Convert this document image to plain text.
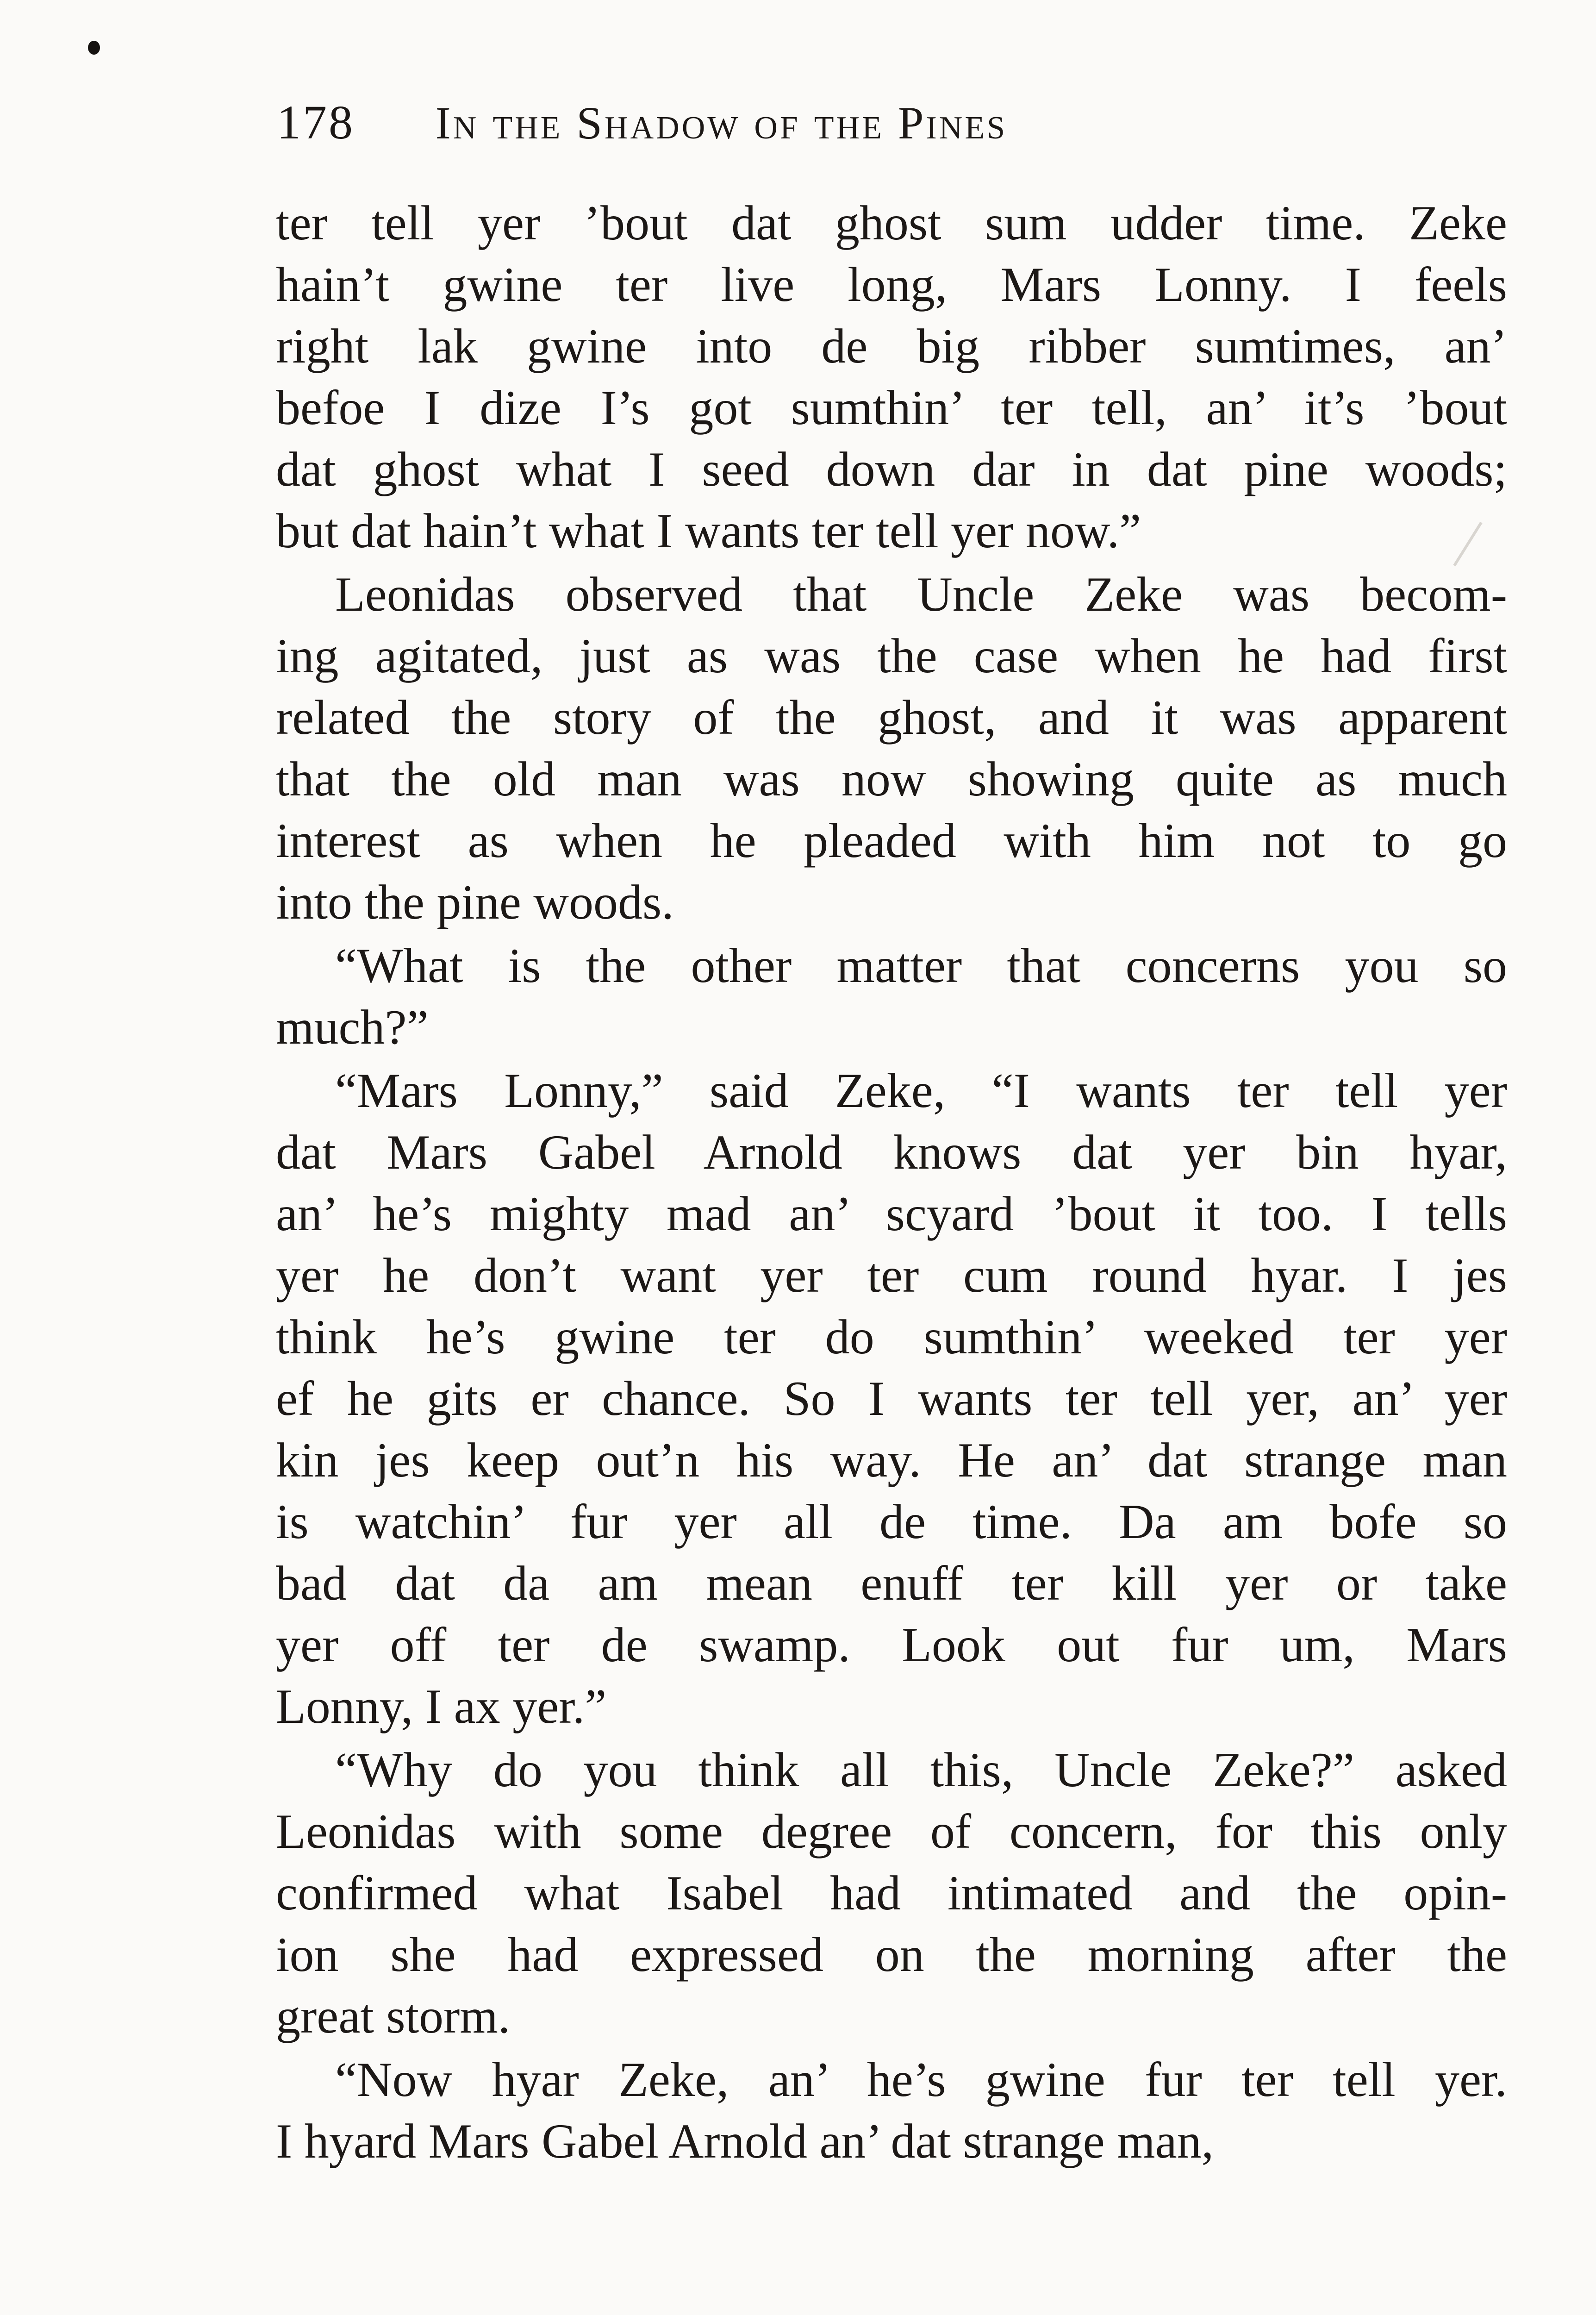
178 In the Shadow of the Pines
ter tell yer ’bout dat ghost sum udder time. Zeke
hain’t gwine ter live long, Mars Lonny. I feels
right lak gwine into de big ribber sumtimes, an’
befoe I dize I’s got sumthin’ ter tell, an’ it’s ’bout
dat ghost what I seed down dar in dat pine woods;
but dat hain’t what I wants ter tell yer now.”
Leonidas observed that Uncle Zeke was becom-
ing agitated, just as was the case when he had first
related the story of the ghost, and it was apparent
that the old man was now showing quite as much
interest as when he pleaded with him not to go
into the pine woods.
“What is the other matter that concerns you so
much?”
“Mars Lonny,” said Zeke, “I wants ter tell yer
dat Mars Gabel Arnold knows dat yer bin hyar,
an’ he’s mighty mad an’ scyard ’bout it too. I tells
yer he don’t want yer ter cum round hyar. I jes
think he’s gwine ter do sumthin’ weeked ter yer
ef he gits er chance. So I wants ter tell yer, an’ yer
kin jes keep out’n his way. He an’ dat strange man
is watchin’ fur yer all de time. Da am bofe so
bad dat da am mean enuff ter kill yer or take
yer off ter de swamp. Look out fur um, Mars
Lonny, I ax yer.”
“Why do you think all this, Uncle Zeke?” asked
Leonidas with some degree of concern, for this only
confirmed what Isabel had intimated and the opin-
ion she had expressed on the morning after the
great storm.
“Now hyar Zeke, an’ he’s gwine fur ter tell yer.
I hyard Mars Gabel Arnold an’ dat strange man,
